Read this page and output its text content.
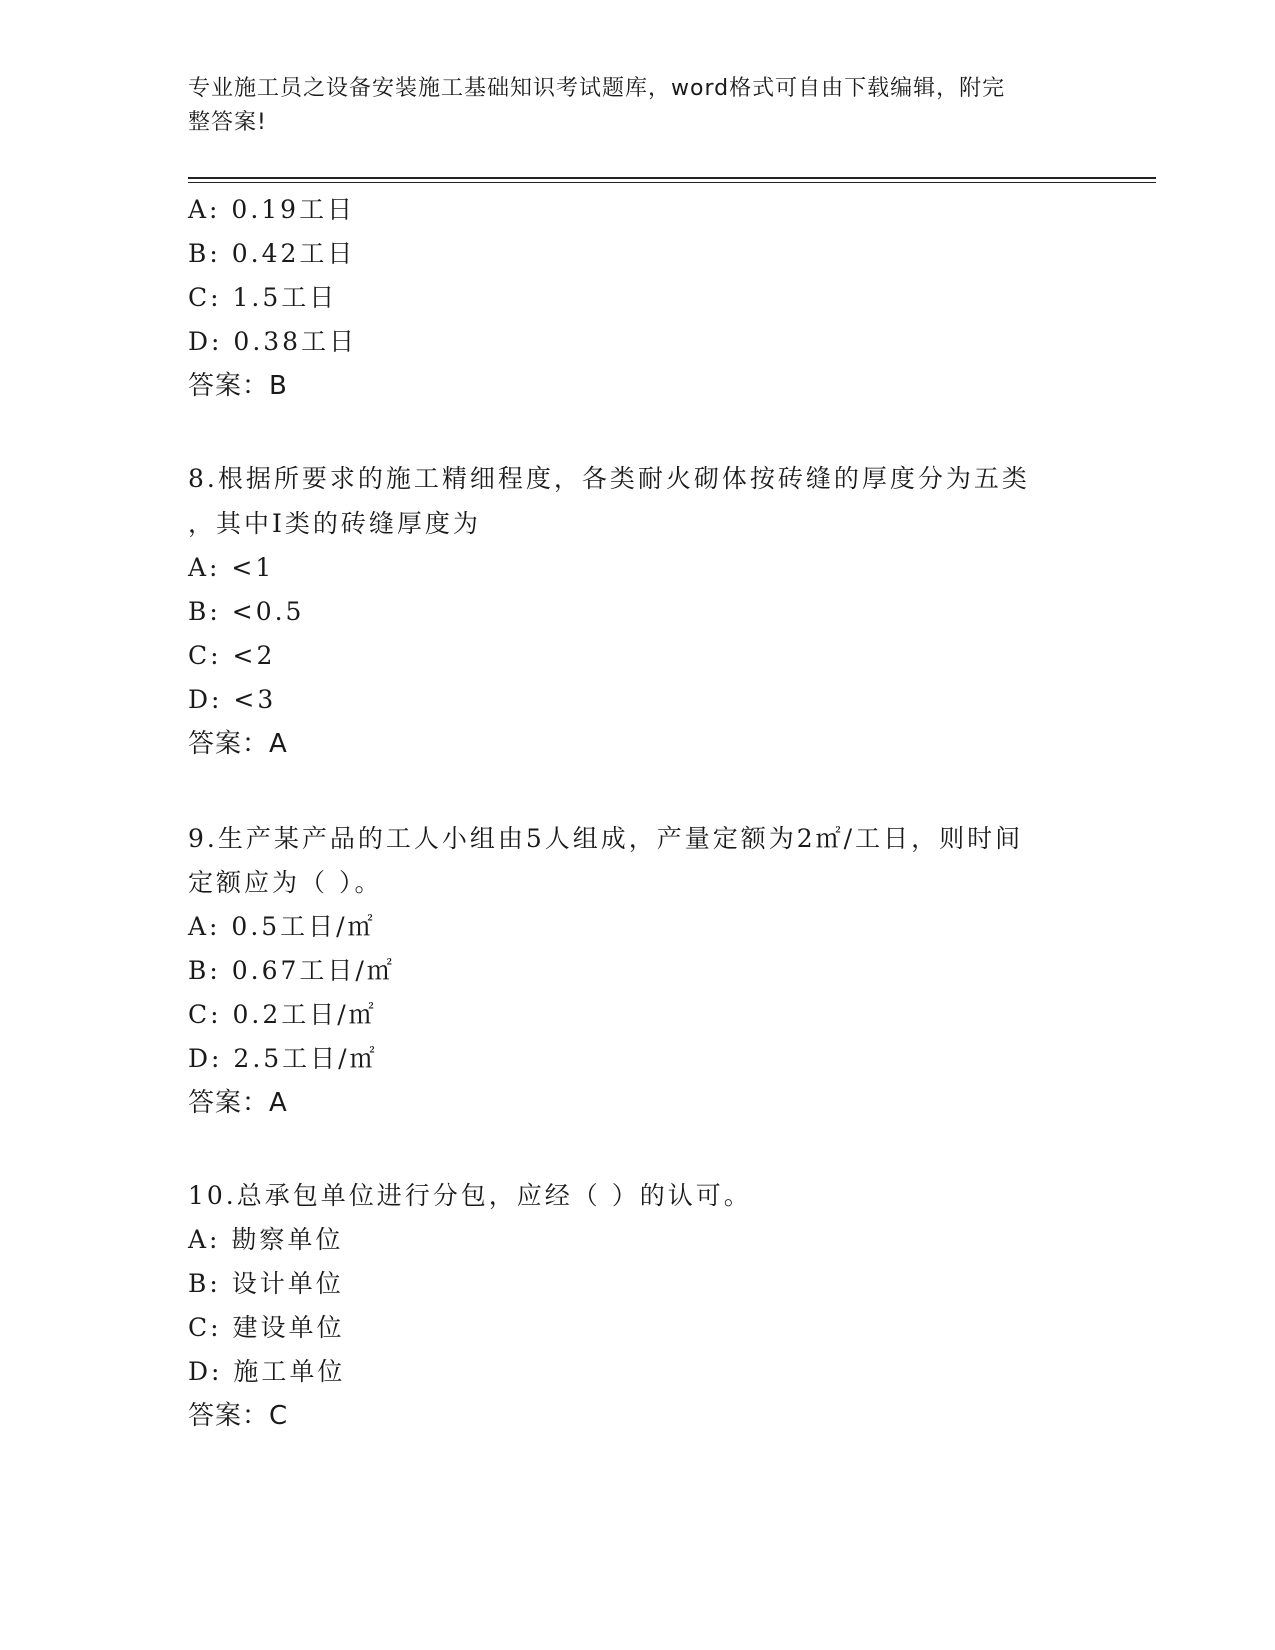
专业施工员之设备安装施工基础知识考试题库，word格式可自由下载编辑，附完
整答案!
A: 0.19工日
B: 0.42工日
C: 1.5工日
D: 0.38工日
答案：B
8.根据所要求的施工精细程度，各类耐火砌体按砖缝的厚度分为五类
，其中Ⅰ类的砖缝厚度为
A: <1
B: <0.5
C: <2
D: <3
答案：A
9.生产某产品的工人小组由5人组成，产量定额为2㎡/工日，则时间
定额应为（ ）。
A: 0.5工日/㎡
B: 0.67工日/㎡
C: 0.2工日/㎡
D: 2.5工日/㎡
答案：A
10.总承包单位进行分包，应经（ ）的认可。
A: 勘察单位
B: 设计单位
C: 建设单位
D: 施工单位
答案：C
